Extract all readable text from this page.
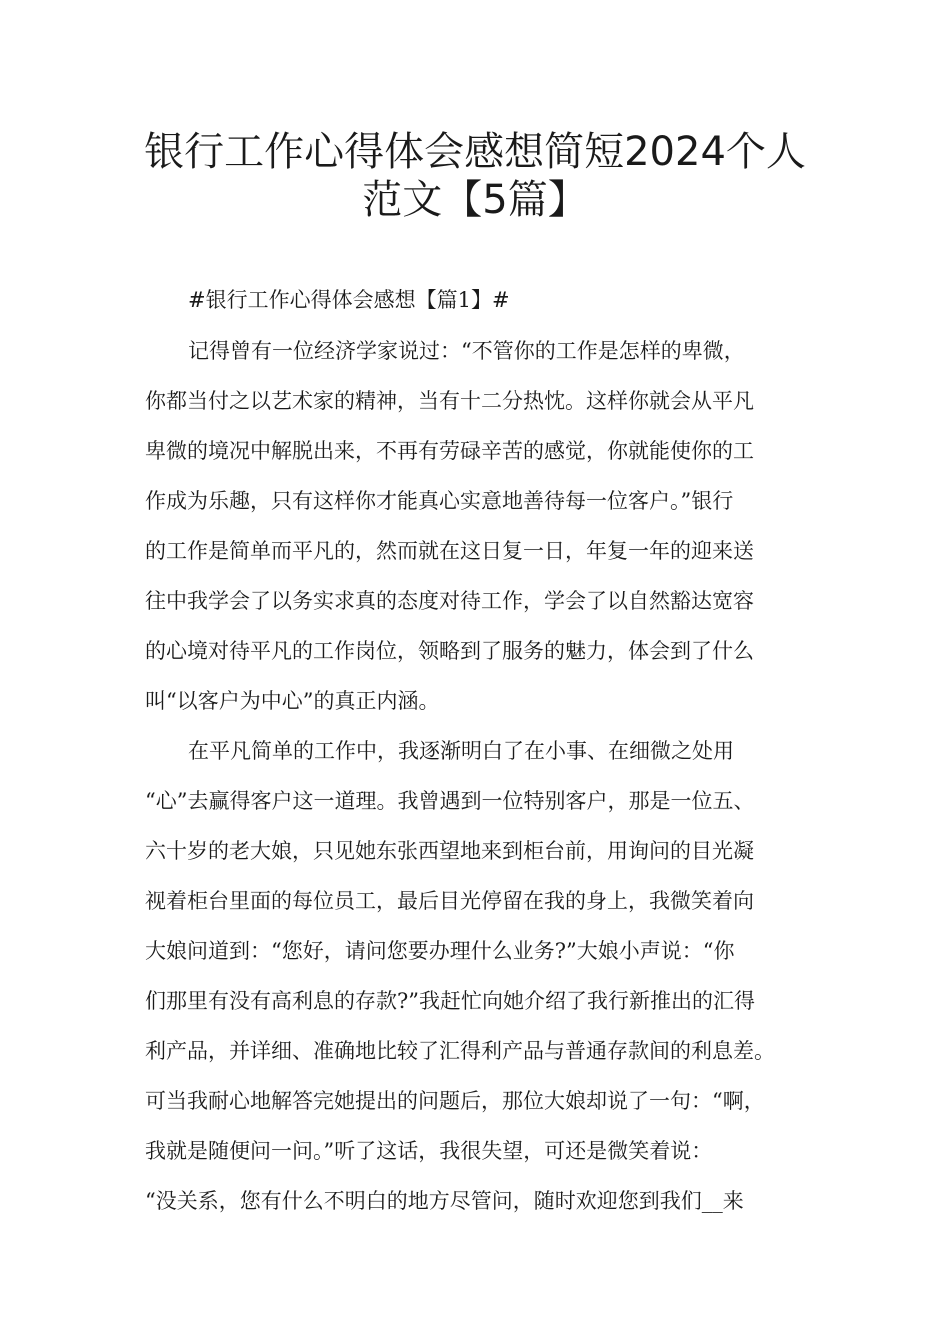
银行工作心得体会感想简短2024个人
范文【5篇】
#银行工作心得体会感想【篇1】#
记得曾有一位经济学家说过：“不管你的工作是怎样的卑微，
你都当付之以艺术家的精神，当有十二分热忱。这样你就会从平凡
卑微的境况中解脱出来，不再有劳碌辛苦的感觉，你就能使你的工
作成为乐趣，只有这样你才能真心实意地善待每一位客户。”银行
的工作是简单而平凡的，然而就在这日复一日，年复一年的迎来送
往中我学会了以务实求真的态度对待工作，学会了以自然豁达宽容
的心境对待平凡的工作岗位，领略到了服务的魅力，体会到了什么
叫“以客户为中心”的真正内涵。
在平凡简单的工作中，我逐渐明白了在小事、在细微之处用
“心”去赢得客户这一道理。我曾遇到一位特别客户，那是一位五、
六十岁的老大娘，只见她东张西望地来到柜台前，用询问的目光凝
视着柜台里面的每位员工，最后目光停留在我的身上，我微笑着向
大娘问道到：“您好，请问您要办理什么业务?”大娘小声说：“你
们那里有没有高利息的存款?”我赶忙向她介绍了我行新推出的汇得
利产品，并详细、准确地比较了汇得利产品与普通存款间的利息差。
可当我耐心地解答完她提出的问题后，那位大娘却说了一句：“啊，
我就是随便问一问。”听了这话，我很失望，可还是微笑着说：
“没关系，您有什么不明白的地方尽管问，随时欢迎您到我们__来
